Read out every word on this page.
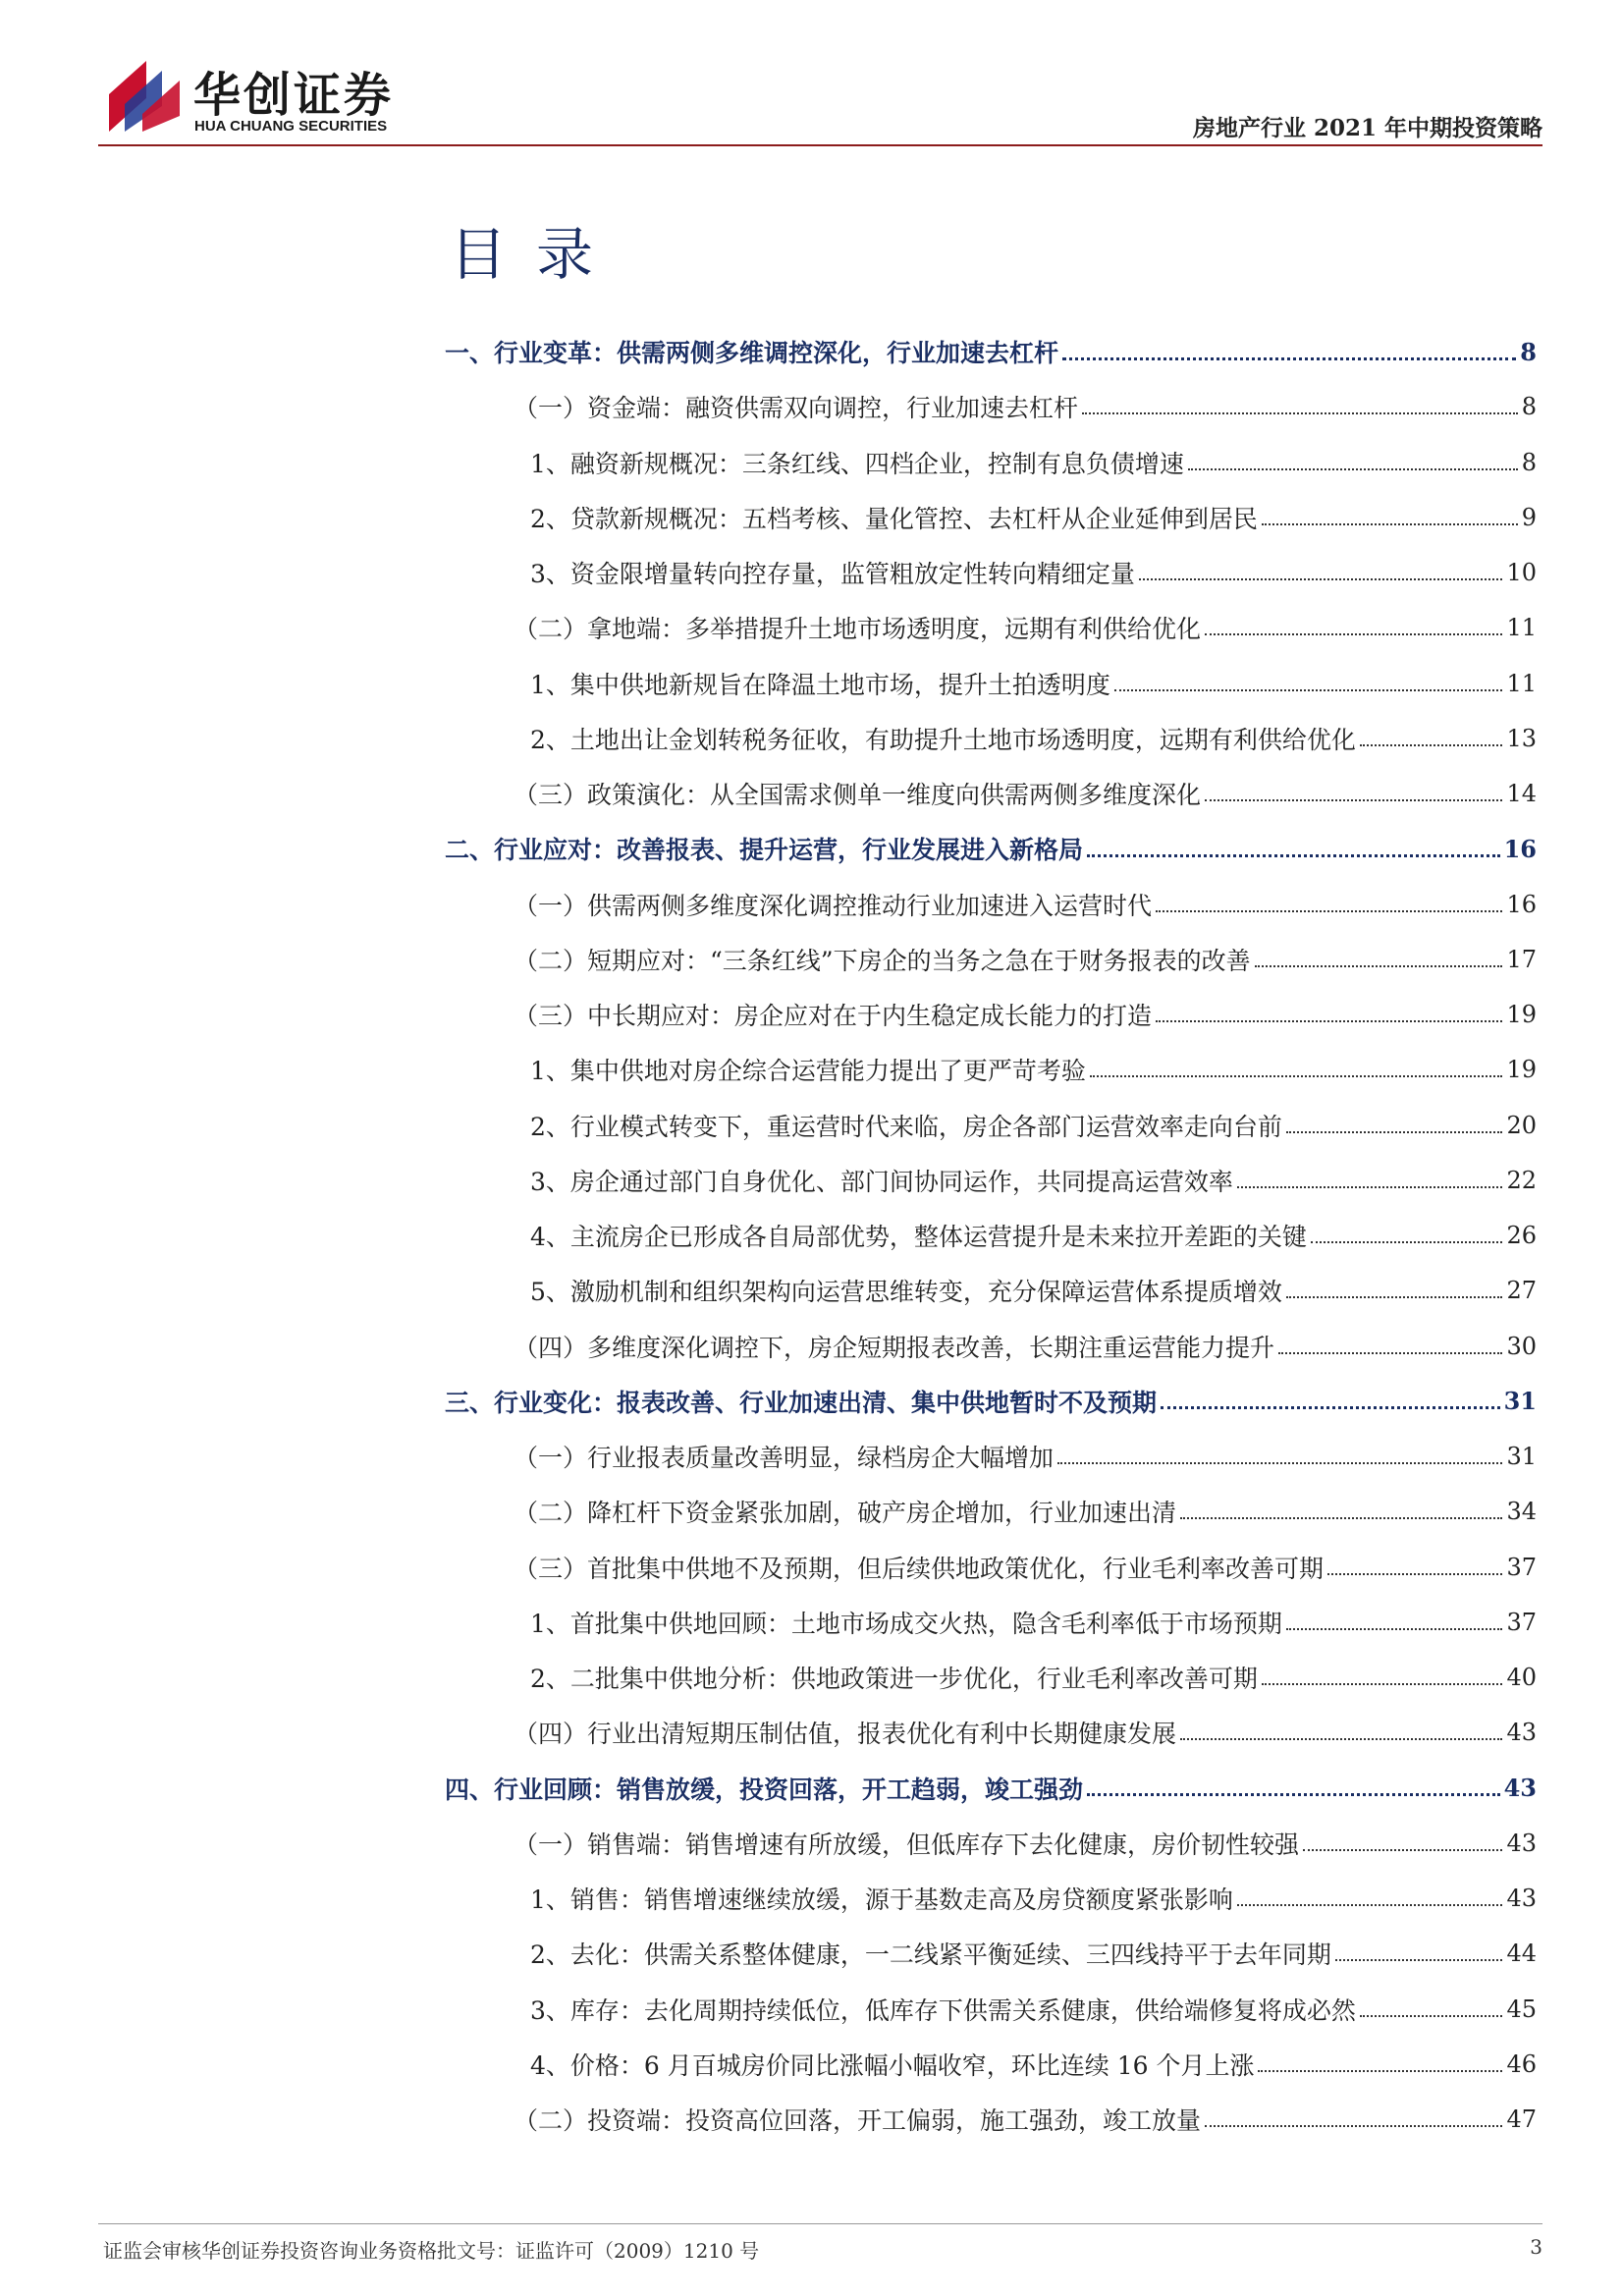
华创证券
HUA CHUANG SECURITIES	房地产行业 2021 年中期投资策略
目录
一、行业变革：供需两侧多维调控深化，行业加速去杠杆	8
（一）资金端：融资供需双向调控，行业加速去杠杆	8
1、融资新规概况：三条红线、四档企业，控制有息负债增速	8
2、贷款新规概况：五档考核、量化管控、去杠杆从企业延伸到居民	9
3、资金限增量转向控存量，监管粗放定性转向精细定量	10
（二）拿地端：多举措提升土地市场透明度，远期有利供给优化	11
1、集中供地新规旨在降温土地市场，提升土拍透明度	11
2、土地出让金划转税务征收，有助提升土地市场透明度，远期有利供给优化	13
（三）政策演化：从全国需求侧单一维度向供需两侧多维度深化	14
二、行业应对：改善报表、提升运营，行业发展进入新格局	16
（一）供需两侧多维度深化调控推动行业加速进入运营时代	16
（二）短期应对：“三条红线”下房企的当务之急在于财务报表的改善	17
（三）中长期应对：房企应对在于内生稳定成长能力的打造	19
1、集中供地对房企综合运营能力提出了更严苛考验	19
2、行业模式转变下，重运营时代来临，房企各部门运营效率走向台前	20
3、房企通过部门自身优化、部门间协同运作，共同提高运营效率	22
4、主流房企已形成各自局部优势，整体运营提升是未来拉开差距的关键	26
5、激励机制和组织架构向运营思维转变，充分保障运营体系提质增效	27
（四）多维度深化调控下，房企短期报表改善，长期注重运营能力提升	30
三、行业变化：报表改善、行业加速出清、集中供地暂时不及预期	31
（一）行业报表质量改善明显，绿档房企大幅增加	31
（二）降杠杆下资金紧张加剧，破产房企增加，行业加速出清	34
（三）首批集中供地不及预期，但后续供地政策优化，行业毛利率改善可期	37
1、首批集中供地回顾：土地市场成交火热，隐含毛利率低于市场预期	37
2、二批集中供地分析：供地政策进一步优化，行业毛利率改善可期	40
（四）行业出清短期压制估值，报表优化有利中长期健康发展	43
四、行业回顾：销售放缓，投资回落，开工趋弱，竣工强劲	43
（一）销售端：销售增速有所放缓，但低库存下去化健康，房价韧性较强	43
1、销售：销售增速继续放缓，源于基数走高及房贷额度紧张影响	43
2、去化：供需关系整体健康，一二线紧平衡延续、三四线持平于去年同期	44
3、库存：去化周期持续低位，低库存下供需关系健康，供给端修复将成必然	45
4、价格：6 月百城房价同比涨幅小幅收窄，环比连续 16 个月上涨	46
（二）投资端：投资高位回落，开工偏弱，施工强劲，竣工放量	47
证监会审核华创证券投资咨询业务资格批文号：证监许可（2009）1210 号	3
